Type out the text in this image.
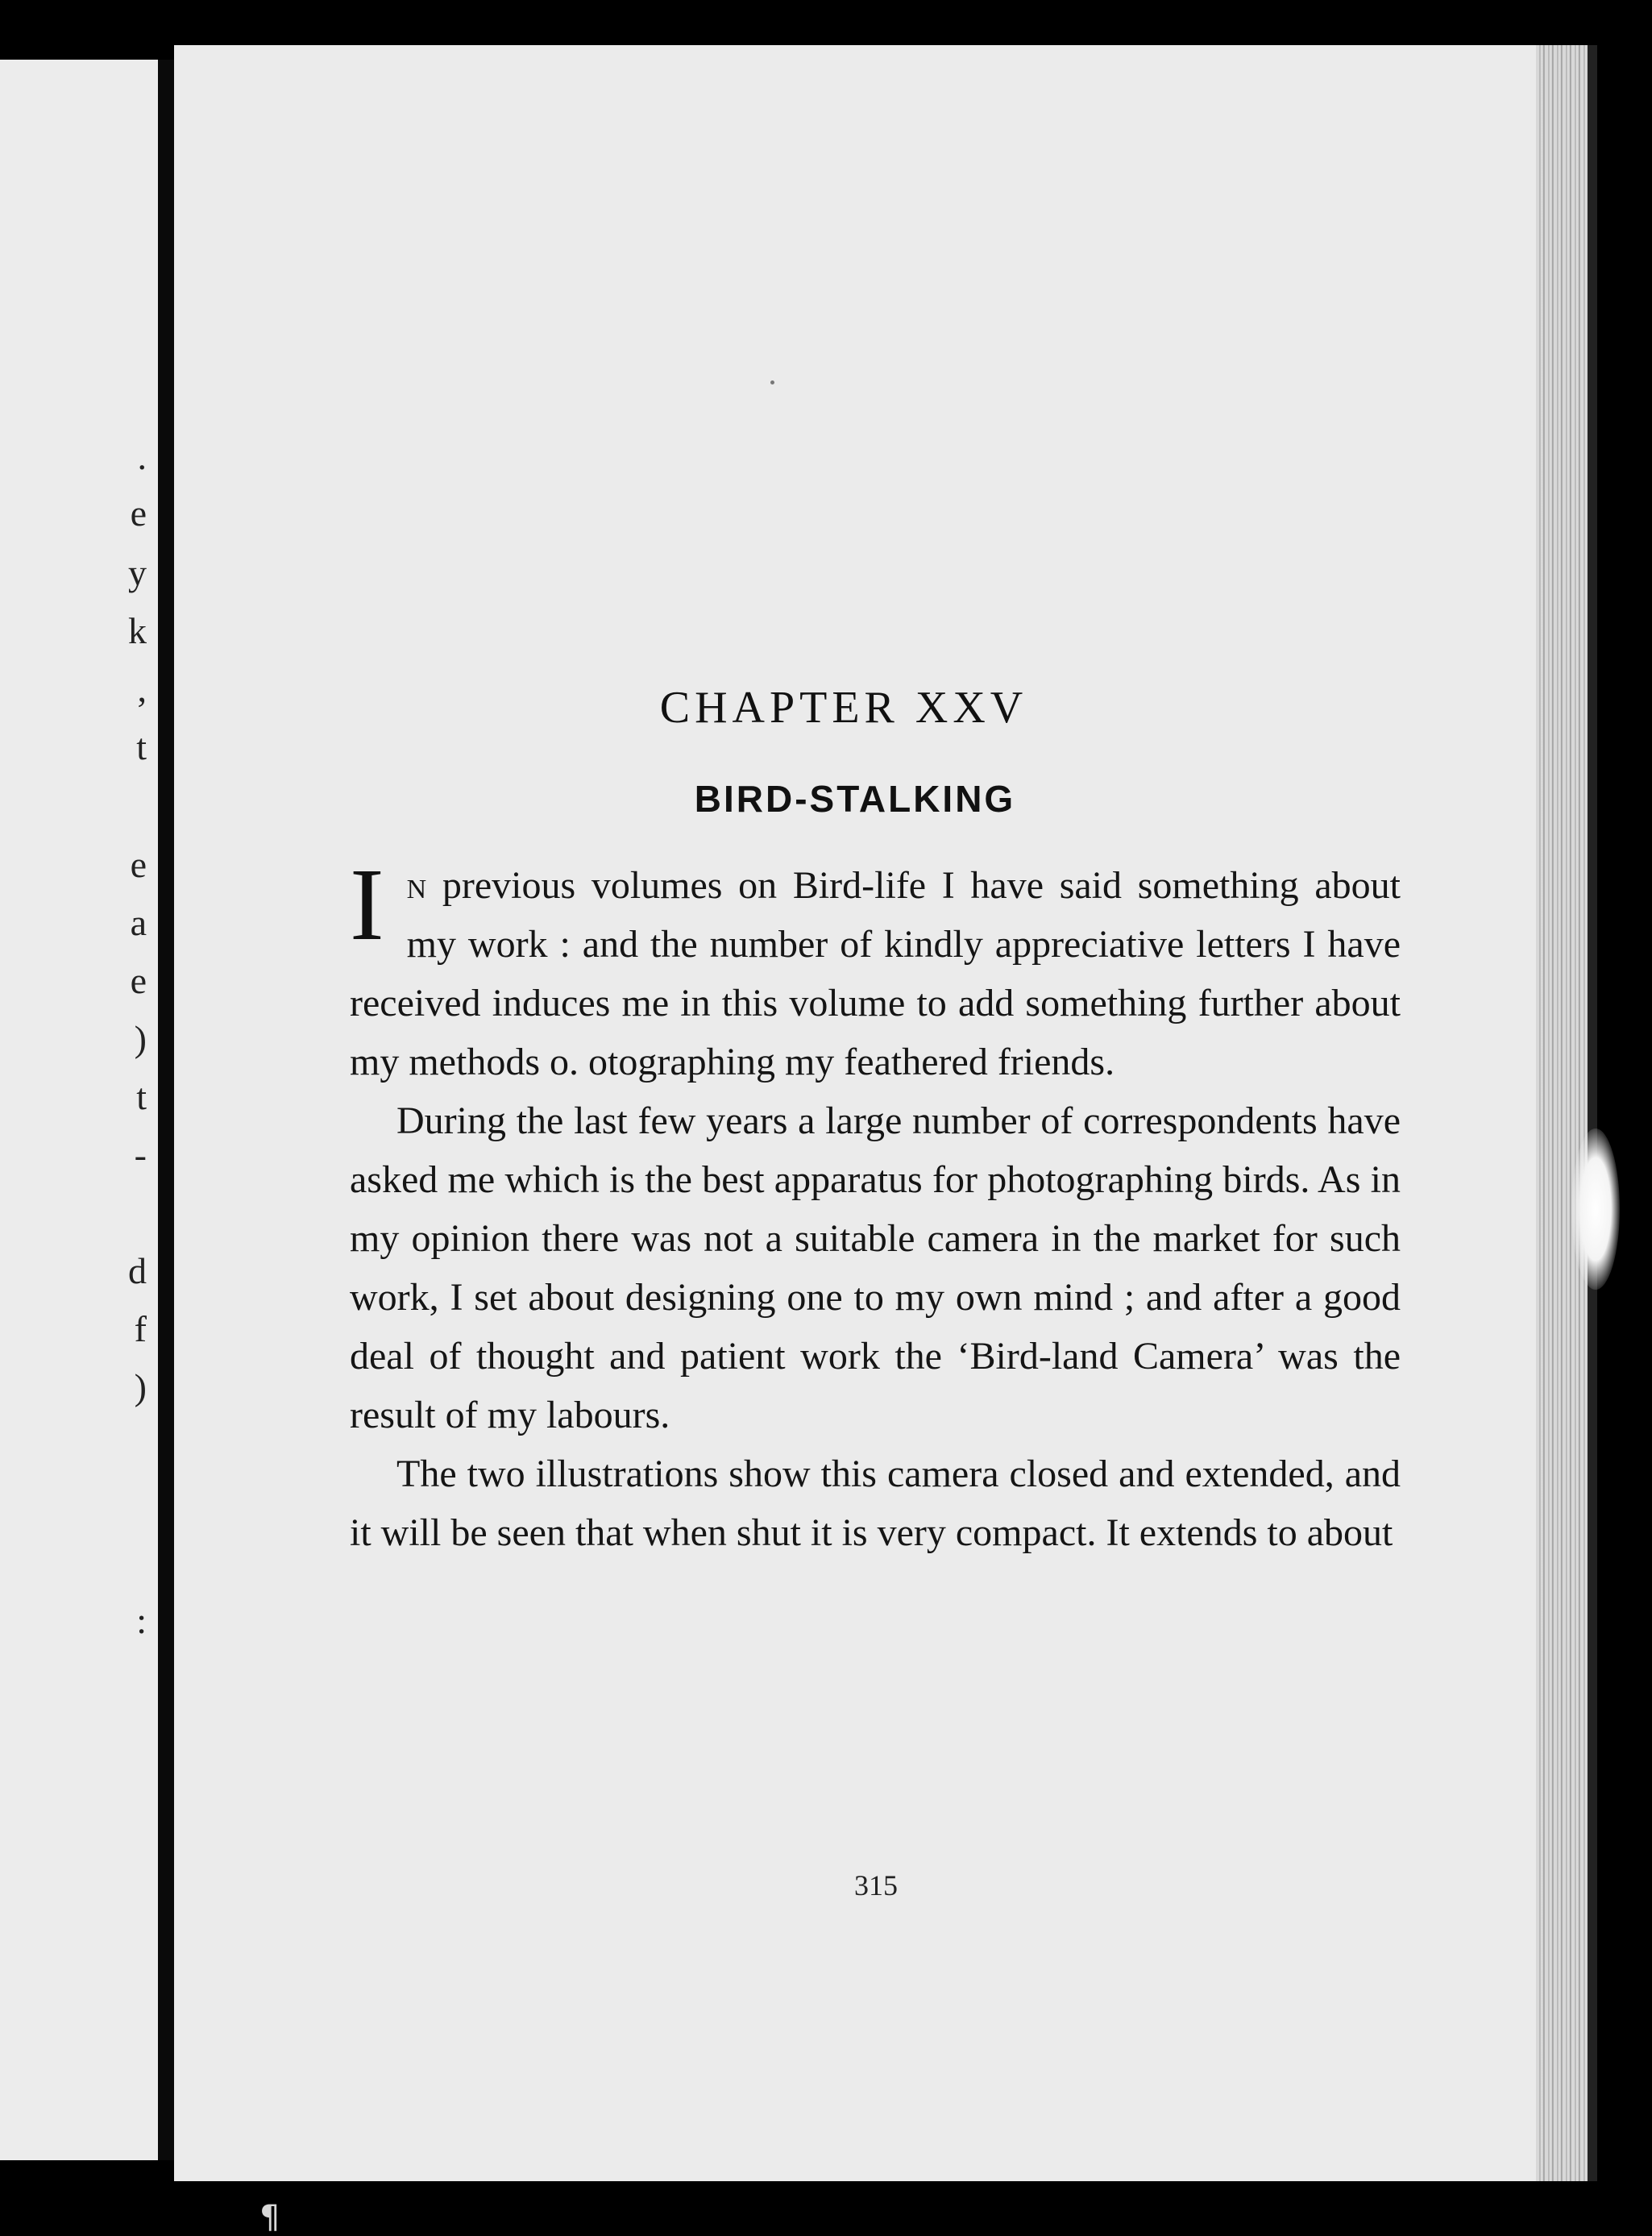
.
e
y
k
,
t
e
a
e
)
t
-
d
f
)
:
CHAPTER XXV
BIRD-STALKING

In previous volumes on Bird-life I have said something about my work : and the number of kindly appreciative letters I have received induces me in this volume to add something further about my methods o. otographing my feathered friends.

During the last few years a large number of correspondents have asked me which is the best apparatus for photographing birds. As in my opinion there was not a suitable camera in the market for such work, I set about designing one to my own mind ; and after a good deal of thought and patient work the ‘Bird-land Camera’ was the result of my labours.

The two illustrations show this camera closed and extended, and it will be seen that when shut it is very compact. It extends to about

315
¶
